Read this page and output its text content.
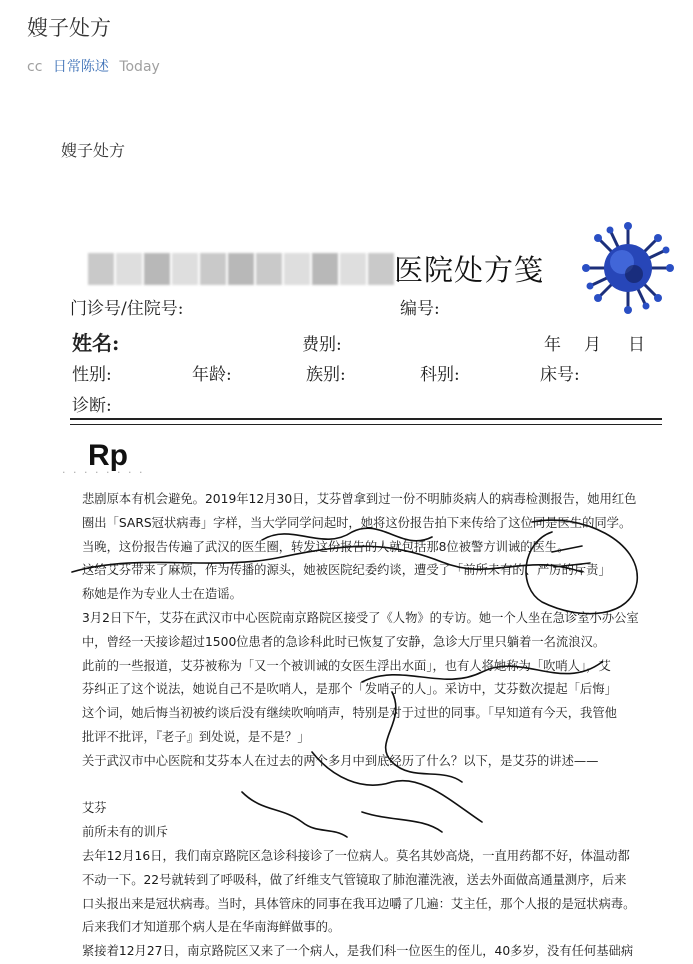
嫂子处方
cc 日常陈述 Today
嫂子处方
医院处方笺
门诊号/住院号:	编号:
姓名:	费别:	年 月 日
性别:	年龄:	族别:	科别:	床号:
诊断:
Rp
· · · · · · · ·

悲剧原本有机会避免。2019年12月30日，艾芬曾拿到过一份不明肺炎病人的病毒检测报告，她用红色

圈出「SARS冠状病毒」字样，当大学同学问起时，她将这份报告拍下来传给了这位同是医生的同学。

当晚，这份报告传遍了武汉的医生圈，转发这份报告的人就包括那8位被警方训诫的医生。

这给艾芬带来了麻烦，作为传播的源头，她被医院纪委约谈，遭受了「前所未有的、严厉的斥责」

称她是作为专业人士在造谣。

3月2日下午，艾芬在武汉市中心医院南京路院区接受了《人物》的专访。她一个人坐在急诊室小办公室

中，曾经一天接诊超过1500位患者的急诊科此时已恢复了安静，急诊大厅里只躺着一名流浪汉。

此前的一些报道，艾芬被称为「又一个被训诫的女医生浮出水面」，也有人将她称为「吹哨人」，艾

芬纠正了这个说法，她说自己不是吹哨人，是那个「发哨子的人」。采访中，艾芬数次提起「后悔」

这个词，她后悔当初被约谈后没有继续吹响哨声，特别是对于过世的同事。「早知道有今天，我管他

批评不批评，『老子』到处说，是不是？」

关于武汉市中心医院和艾芬本人在过去的两个多月中到底经历了什么？以下，是艾芬的讲述——

艾芬

前所未有的训斥

去年12月16日，我们南京路院区急诊科接诊了一位病人。莫名其妙高烧，一直用药都不好，体温动都

不动一下。22号就转到了呼吸科，做了纤维支气管镜取了肺泡灌洗液，送去外面做高通量测序，后来

口头报出来是冠状病毒。当时，具体管床的同事在我耳边嚼了几遍：艾主任，那个人报的是冠状病毒。

后来我们才知道那个病人是在华南海鲜做事的。

紧接着12月27日，南京路院区又来了一个病人，是我们科一位医生的侄儿，40多岁，没有任何基础病
